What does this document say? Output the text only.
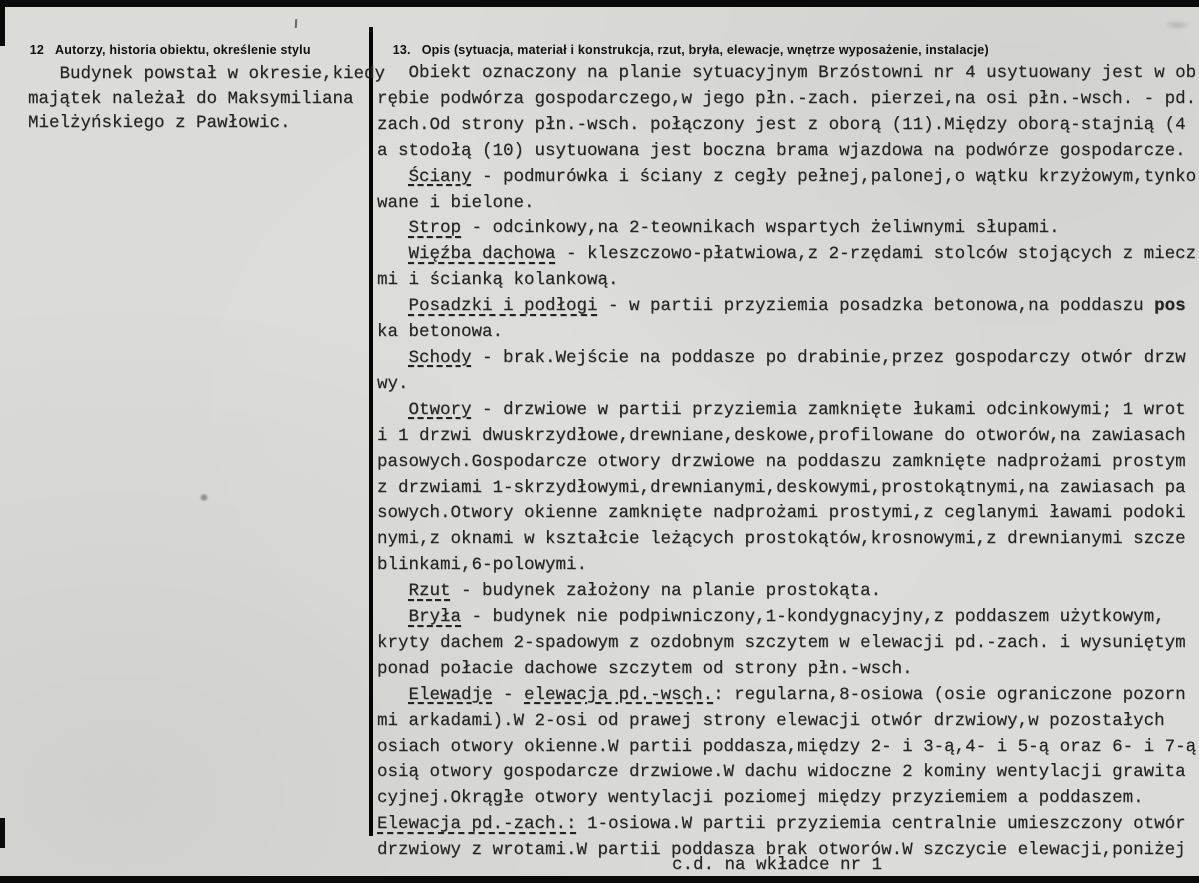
12 Autorzy, historia obiektu, określenie stylu
	13. Opis (sytuacja, materiał i konstrukcja, rzut, bryła, elewacje, wnętrze wyposażenie, instalacje)

Budynek powstał w okresie,kiedy
majątek należał do Maksymiliana
Mielżyńskiego z Pawłowic.
Obiekt oznaczony na planie sytuacyjnym Brzóstowni nr 4 usytuowany jest w ob
rębie podwórza gospodarczego,w jego płn.-zach. pierzei,na osi płn.-wsch. - pd.
zach.Od strony płn.-wsch. połączony jest z oborą (11).Między oborą-stajnią (4
a stodołą (10) usytuowana jest boczna brama wjazdowa na podwórze gospodarcze.
Ściany - podmurówka i ściany z cegły pełnej,palonej,o wątku krzyżowym,tynko
wane i bielone.
Strop - odcinkowy,na 2-teownikach wspartych żeliwnymi słupami.
Więźba dachowa - kleszczowo-płatwiowa,z 2-rzędami stolców stojących z miecz
mi i ścianką kolankową.
Posadzki i podłogi - w partii przyziemia posadzka betonowa,na poddaszu pos
ka betonowa.
Schody - brak.Wejście na poddasze po drabinie,przez gospodarczy otwór drzw
wy.
Otwory - drzwiowe w partii przyziemia zamknięte łukami odcinkowymi; 1 wrot
i 1 drzwi dwuskrzydłowe,drewniane,deskowe,profilowane do otworów,na zawiasach
pasowych.Gospodarcze otwory drzwiowe na poddaszu zamknięte nadprożami prostym
z drzwiami 1-skrzydłowymi,drewnianymi,deskowymi,prostokątnymi,na zawiasach pa
sowych.Otwory okienne zamknięte nadprożami prostymi,z ceglanymi ławami podoki
nymi,z oknami w kształcie leżących prostokątów,krosnowymi,z drewnianymi szcze
blinkami,6-polowymi.
Rzut - budynek założony na planie prostokąta.
Bryła - budynek nie podpiwniczony,1-kondygnacyjny,z poddaszem użytkowym,
kryty dachem 2-spadowym z ozdobnym szczytem w elewacji pd.-zach. i wysuniętym
ponad połacie dachowe szczytem od strony płn.-wsch.
Elewadje - elewacja pd.-wsch.: regularna,8-osiowa (osie ograniczone pozorn
mi arkadami).W 2-osi od prawej strony elewacji otwór drzwiowy,w pozostałych
osiach otwory okienne.W partii poddasza,między 2- i 3-ą,4- i 5-ą oraz 6- i 7-ą
osią otwory gospodarcze drzwiowe.W dachu widoczne 2 kominy wentylacji grawita
cyjnej.Okrągłe otwory wentylacji poziomej między przyziemiem a poddaszem.
Elewacja pd.-zach.: 1-osiowa.W partii przyziemia centralnie umieszczony otwór
drzwiowy z wrotami.W partii poddasza brak otworów.W szczycie elewacji,poniżej
c.d. na wkładce nr 1
